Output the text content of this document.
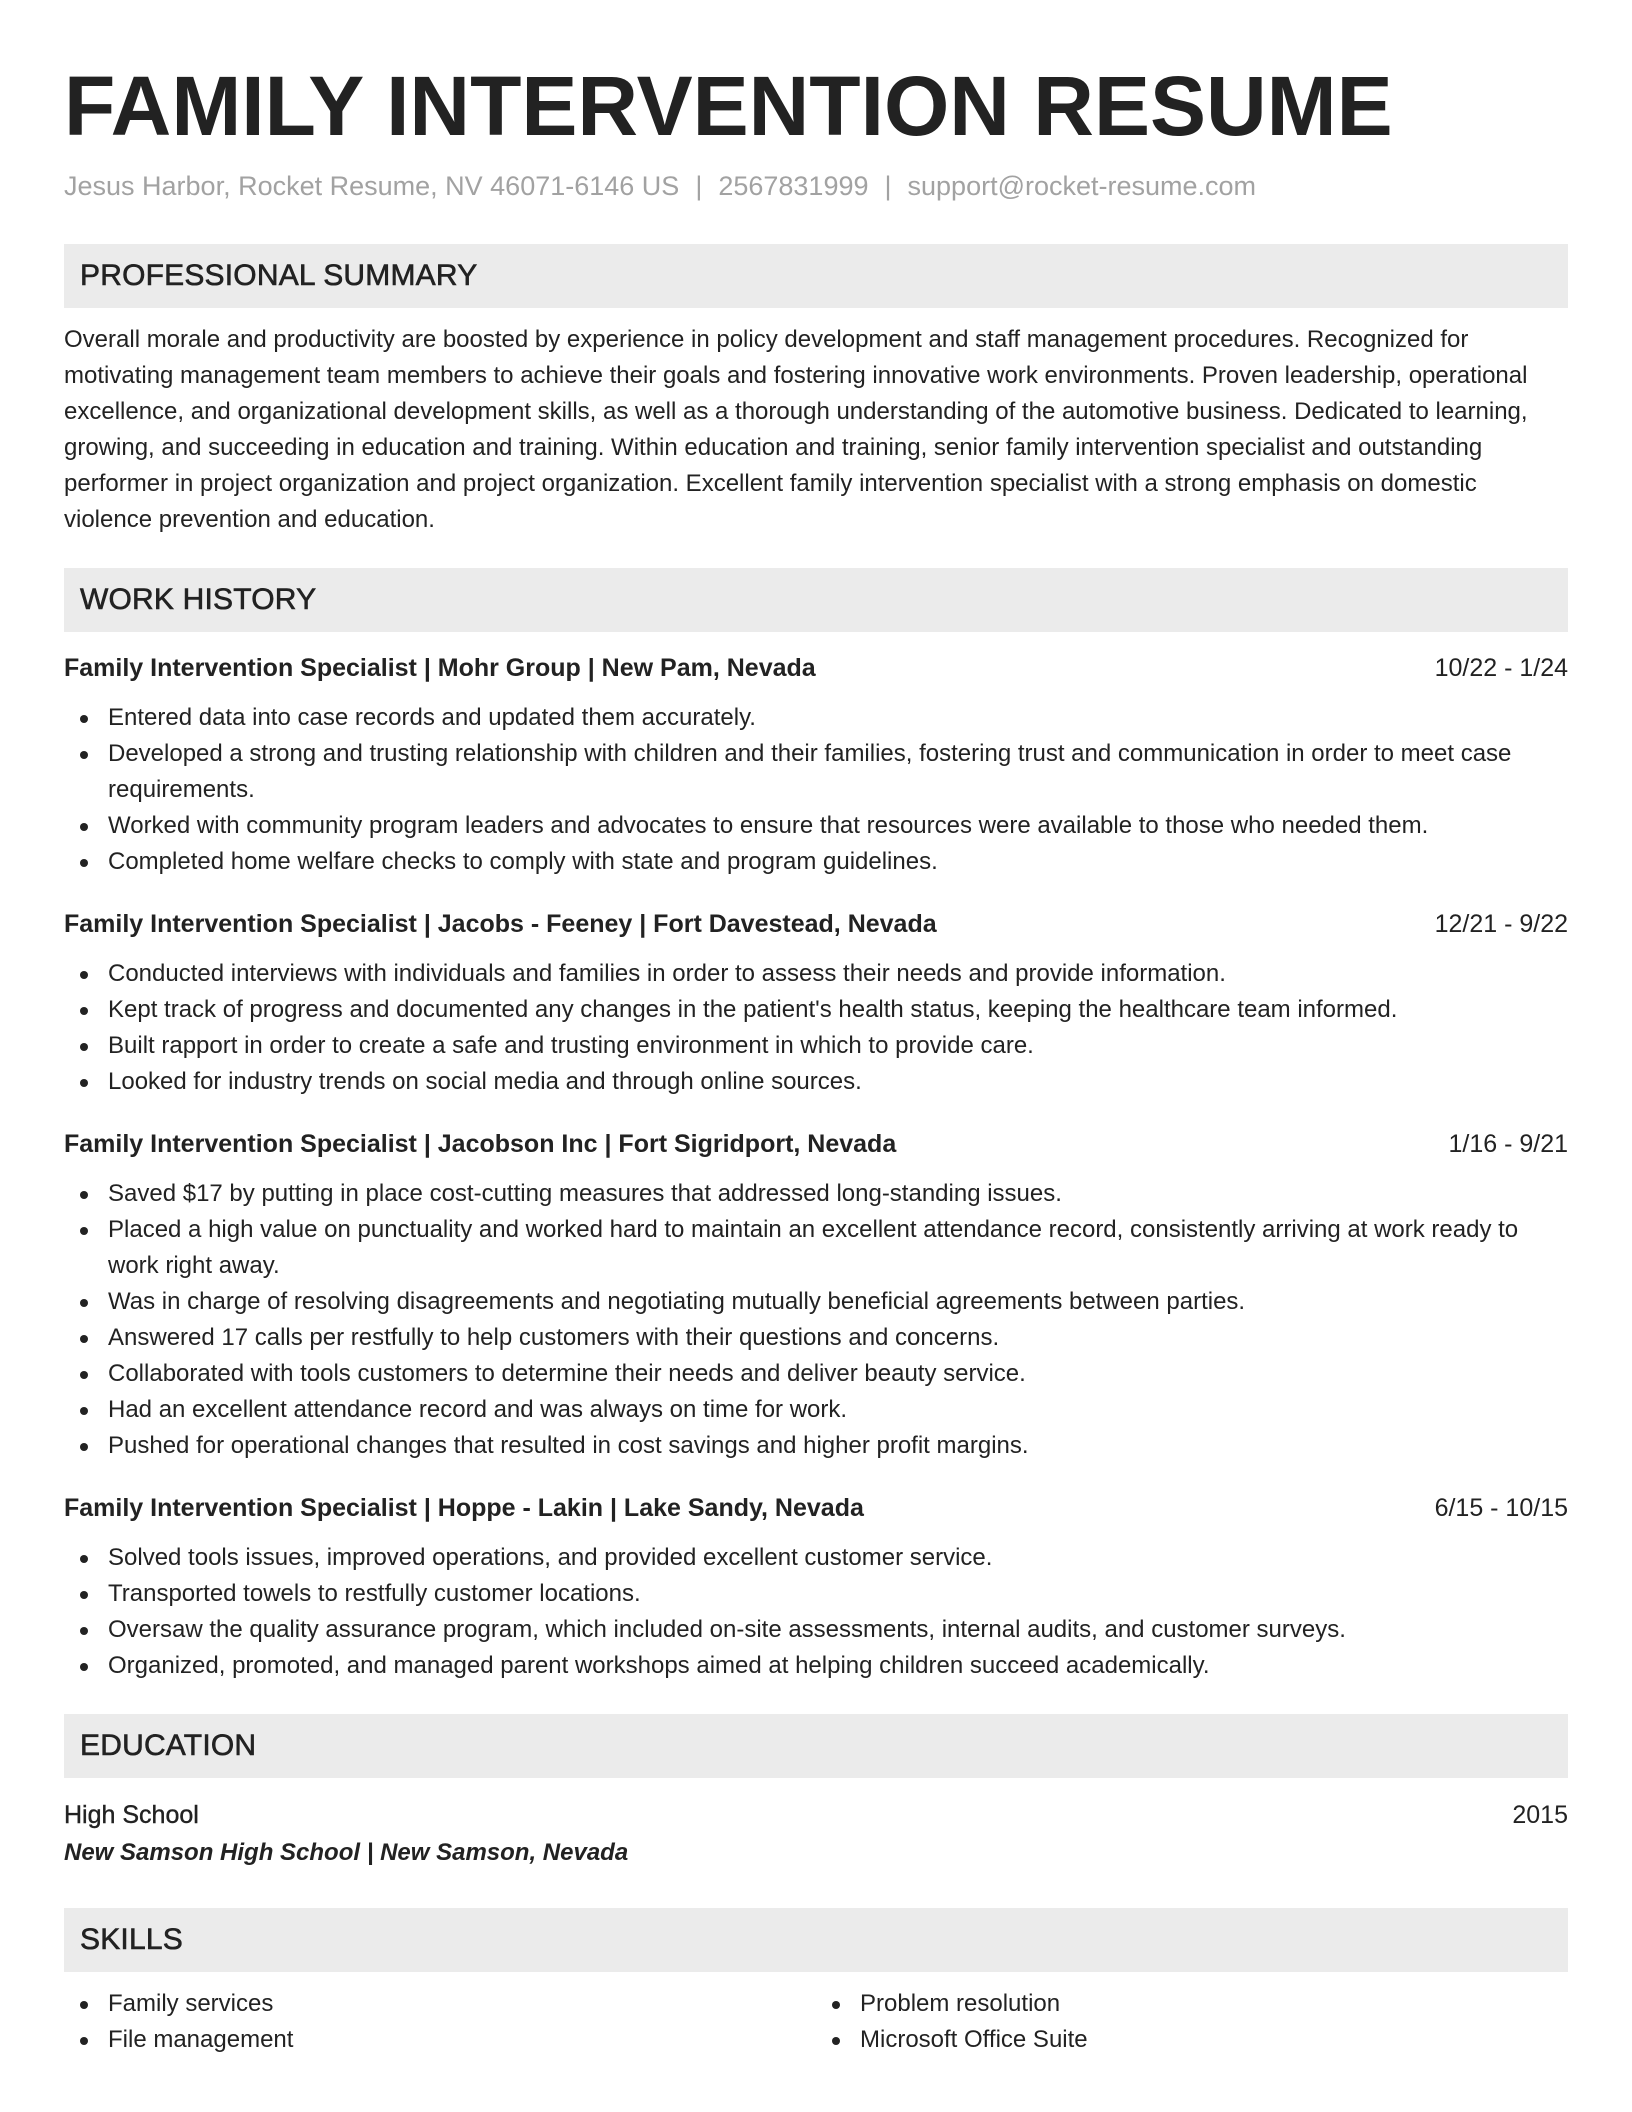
FAMILY INTERVENTION RESUME
Jesus Harbor, Rocket Resume, NV 46071-6146 US | 2567831999 | support@rocket-resume.com
PROFESSIONAL SUMMARY
Overall morale and productivity are boosted by experience in policy development and staff management procedures. Recognized for motivating management team members to achieve their goals and fostering innovative work environments. Proven leadership, operational excellence, and organizational development skills, as well as a thorough understanding of the automotive business. Dedicated to learning, growing, and succeeding in education and training. Within education and training, senior family intervention specialist and outstanding performer in project organization and project organization. Excellent family intervention specialist with a strong emphasis on domestic violence prevention and education.
WORK HISTORY
Family Intervention Specialist | Mohr Group | New Pam, Nevada	10/22 - 1/24
Entered data into case records and updated them accurately.
Developed a strong and trusting relationship with children and their families, fostering trust and communication in order to meet case requirements.
Worked with community program leaders and advocates to ensure that resources were available to those who needed them.
Completed home welfare checks to comply with state and program guidelines.
Family Intervention Specialist | Jacobs - Feeney | Fort Davestead, Nevada	12/21 - 9/22
Conducted interviews with individuals and families in order to assess their needs and provide information.
Kept track of progress and documented any changes in the patient's health status, keeping the healthcare team informed.
Built rapport in order to create a safe and trusting environment in which to provide care.
Looked for industry trends on social media and through online sources.
Family Intervention Specialist | Jacobson Inc | Fort Sigridport, Nevada	1/16 - 9/21
Saved $17 by putting in place cost-cutting measures that addressed long-standing issues.
Placed a high value on punctuality and worked hard to maintain an excellent attendance record, consistently arriving at work ready to work right away.
Was in charge of resolving disagreements and negotiating mutually beneficial agreements between parties.
Answered 17 calls per restfully to help customers with their questions and concerns.
Collaborated with tools customers to determine their needs and deliver beauty service.
Had an excellent attendance record and was always on time for work.
Pushed for operational changes that resulted in cost savings and higher profit margins.
Family Intervention Specialist | Hoppe - Lakin | Lake Sandy, Nevada	6/15 - 10/15
Solved tools issues, improved operations, and provided excellent customer service.
Transported towels to restfully customer locations.
Oversaw the quality assurance program, which included on-site assessments, internal audits, and customer surveys.
Organized, promoted, and managed parent workshops aimed at helping children succeed academically.
EDUCATION
High School	2015
New Samson High School | New Samson, Nevada
SKILLS
Family services
File management
Problem resolution
Microsoft Office Suite
